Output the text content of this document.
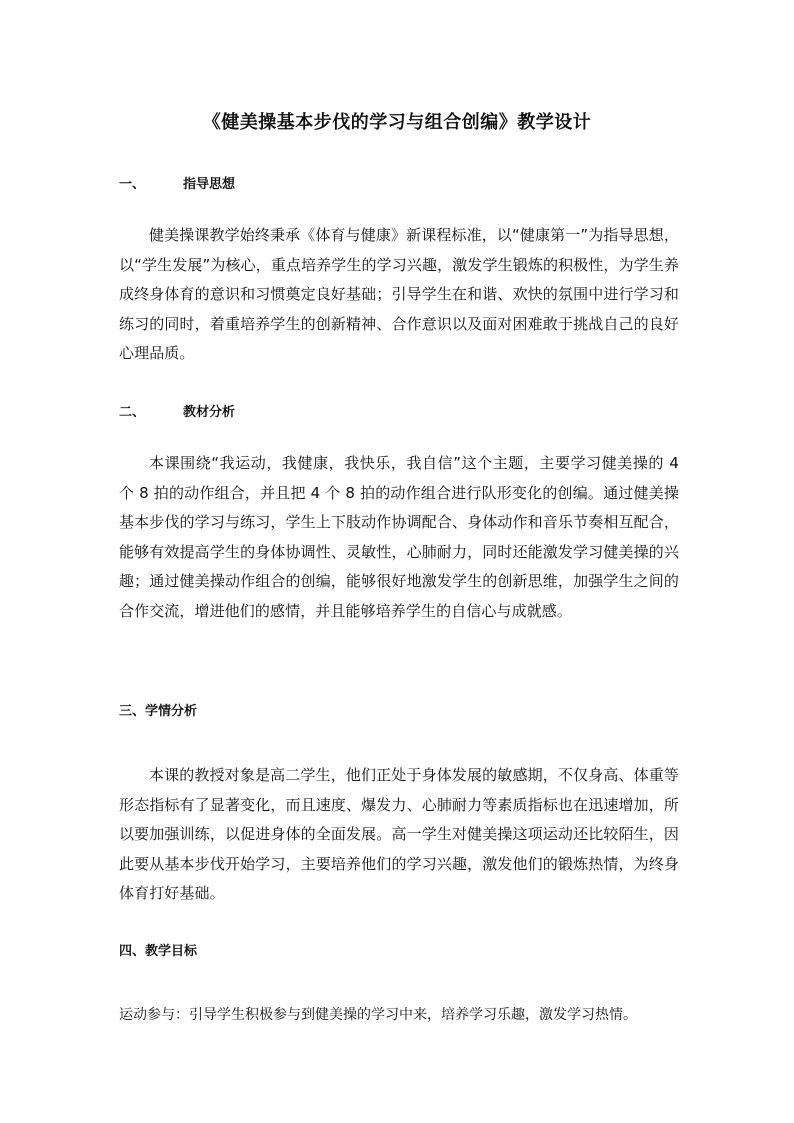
《健美操基本步伐的学习与组合创编》教学设计
一、	指导思想
健美操课教学始终秉承《体育与健康》新课程标准，以“健康第一”为指导思想，以“学生发展”为核心，重点培养学生的学习兴趣，激发学生锻炼的积极性，为学生养成终身体育的意识和习惯奠定良好基础；引导学生在和谐、欢快的氛围中进行学习和练习的同时，着重培养学生的创新精神、合作意识以及面对困难敢于挑战自己的良好心理品质。
二、	教材分析
本课围绕“我运动，我健康，我快乐，我自信”这个主题，主要学习健美操的 4 个 8 拍的动作组合，并且把 4 个 8 拍的动作组合进行队形变化的创编。通过健美操基本步伐的学习与练习，学生上下肢动作协调配合、身体动作和音乐节奏相互配合，能够有效提高学生的身体协调性、灵敏性，心肺耐力，同时还能激发学习健美操的兴趣；通过健美操动作组合的创编，能够很好地激发学生的创新思维，加强学生之间的合作交流，增进他们的感情，并且能够培养学生的自信心与成就感。
三、学情分析
本课的教授对象是高二学生，他们正处于身体发展的敏感期，不仅身高、体重等形态指标有了显著变化，而且速度、爆发力、心肺耐力等素质指标也在迅速增加，所以要加强训练，以促进身体的全面发展。高一学生对健美操这项运动还比较陌生，因此要从基本步伐开始学习，主要培养他们的学习兴趣，激发他们的锻炼热情，为终身体育打好基础。
四、教学目标
运动参与：引导学生积极参与到健美操的学习中来，培养学习乐趣，激发学习热情。
